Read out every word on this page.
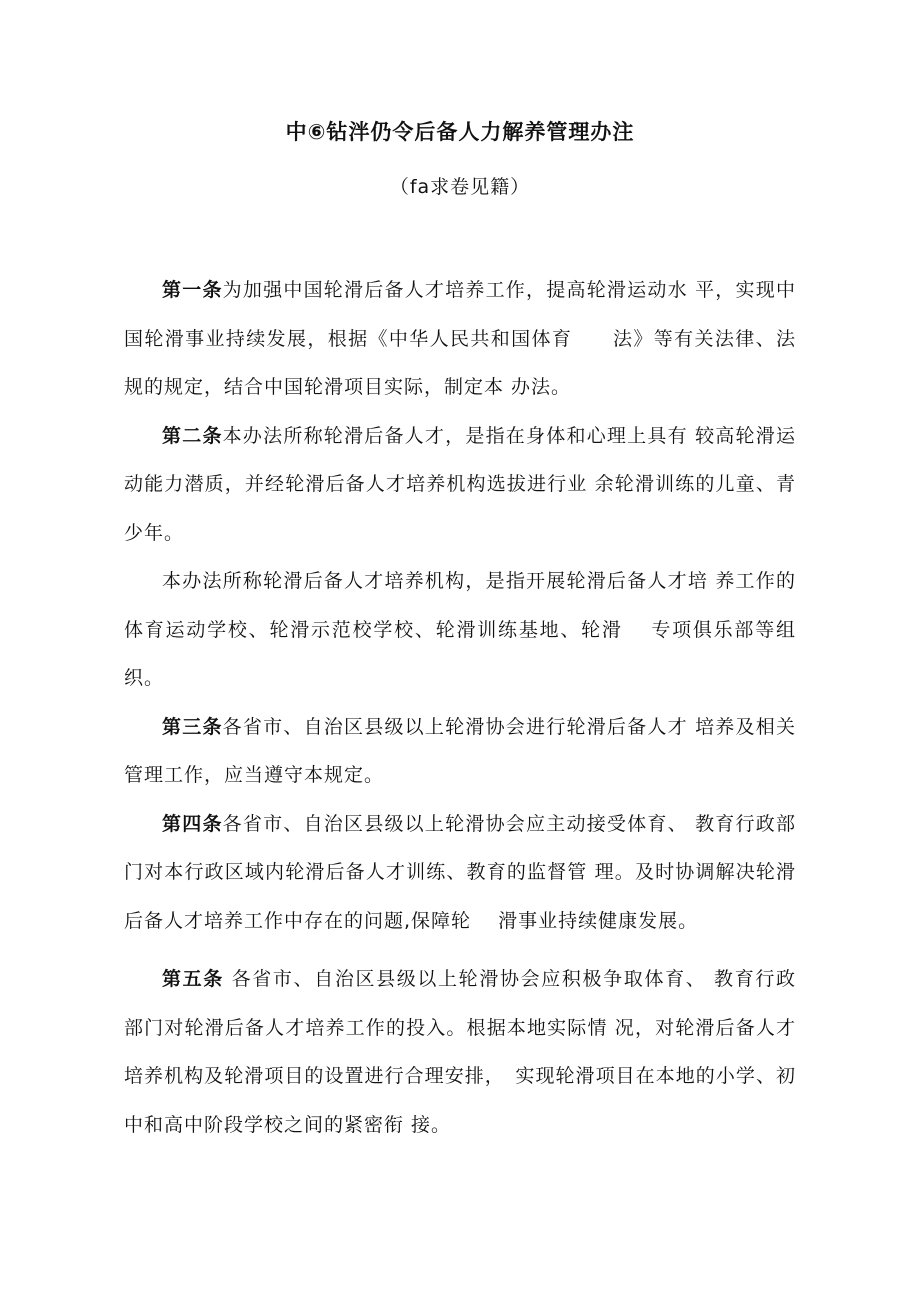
中⑥钻泮仍令后备人力解养管理办注
（fa求卷见籍）

第一条为加强中国轮滑后备人才培养工作，提高轮滑运动水 平，实现中国轮滑事业持续发展，根据《中华人民共和国体育　　法》等有关法律、法规的规定，结合中国轮滑项目实际，制定本 办法。

第二条本办法所称轮滑后备人才，是指在身体和心理上具有 较高轮滑运动能力潜质，并经轮滑后备人才培养机构选拔进行业 余轮滑训练的儿童、青少年。

本办法所称轮滑后备人才培养机构，是指开展轮滑后备人才培 养工作的体育运动学校、轮滑示范校学校、轮滑训练基地、轮滑　 专项俱乐部等组织。

第三条各省市、自治区县级以上轮滑协会进行轮滑后备人才 培养及相关管理工作，应当遵守本规定。

第四条各省市、自治区县级以上轮滑协会应主动接受体育、 教育行政部门对本行政区域内轮滑后备人才训练、教育的监督管 理。及时协调解决轮滑后备人才培养工作中存在的问题,保障轮　 滑事业持续健康发展。

第五条 各省市、自治区县级以上轮滑协会应积极争取体育、 教育行政部门对轮滑后备人才培养工作的投入。根据本地实际情 况，对轮滑后备人才培养机构及轮滑项目的设置进行合理安排，　实现轮滑项目在本地的小学、初中和高中阶段学校之间的紧密衔 接。
